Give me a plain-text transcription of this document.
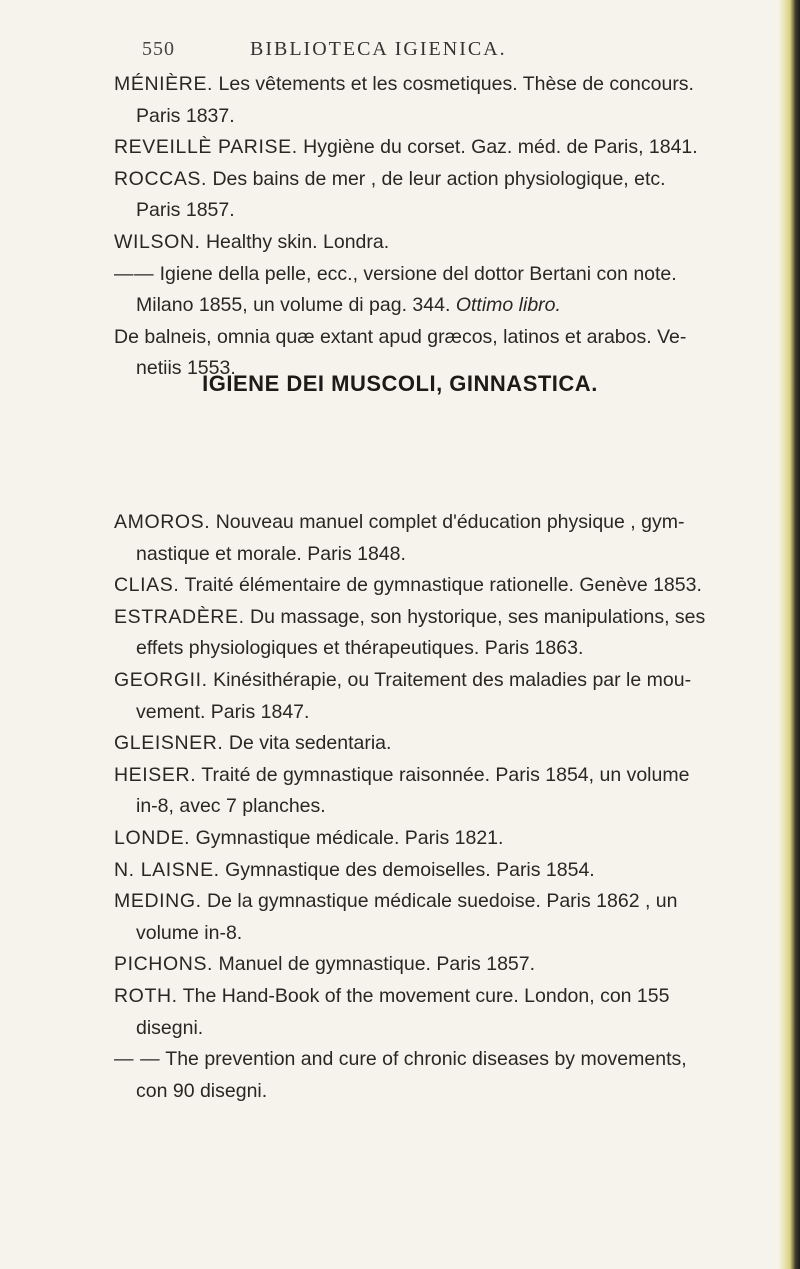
550	BIBLIOTECA IGIENICA.
MÉNIÈRE. Les vêtements et les cosmetiques. Thèse de concours.
Paris 1837.
REVEILLÈ PARISE. Hygiène du corset. Gaz. méd. de Paris, 1841.
ROCCAS. Des bains de mer , de leur action physiologique, etc.
Paris 1857.
WILSON. Healthy skin. Londra.
—— Igiene della pelle, ecc., versione del dottor Bertani con note.
Milano 1855, un volume di pag. 344. Ottimo libro.
De balneis, omnia quæ extant apud græcos, latinos et arabos. Ve-
netiis 1553.
IGIENE DEI MUSCOLI, GINNASTICA.
AMOROS. Nouveau manuel complet d'éducation physique , gym-
nastique et morale. Paris 1848.
CLIAS. Traité élémentaire de gymnastique rationelle. Genève 1853.
ESTRADÈRE. Du massage, son hystorique, ses manipulations, ses
effets physiologiques et thérapeutiques. Paris 1863.
GEORGII. Kinésithérapie, ou Traitement des maladies par le mou-
vement. Paris 1847.
GLEISNER. De vita sedentaria.
HEISER. Traité de gymnastique raisonnée. Paris 1854, un volume
in-8, avec 7 planches.
LONDE. Gymnastique médicale. Paris 1821.
N. LAISNE. Gymnastique des demoiselles. Paris 1854.
MEDING. De la gymnastique médicale suedoise. Paris 1862 , un
volume in-8.
PICHONS. Manuel de gymnastique. Paris 1857.
ROTH. The Hand-Book of the movement cure. London, con 155
disegni.
— — The prevention and cure of chronic diseases by movements,
con 90 disegni.
